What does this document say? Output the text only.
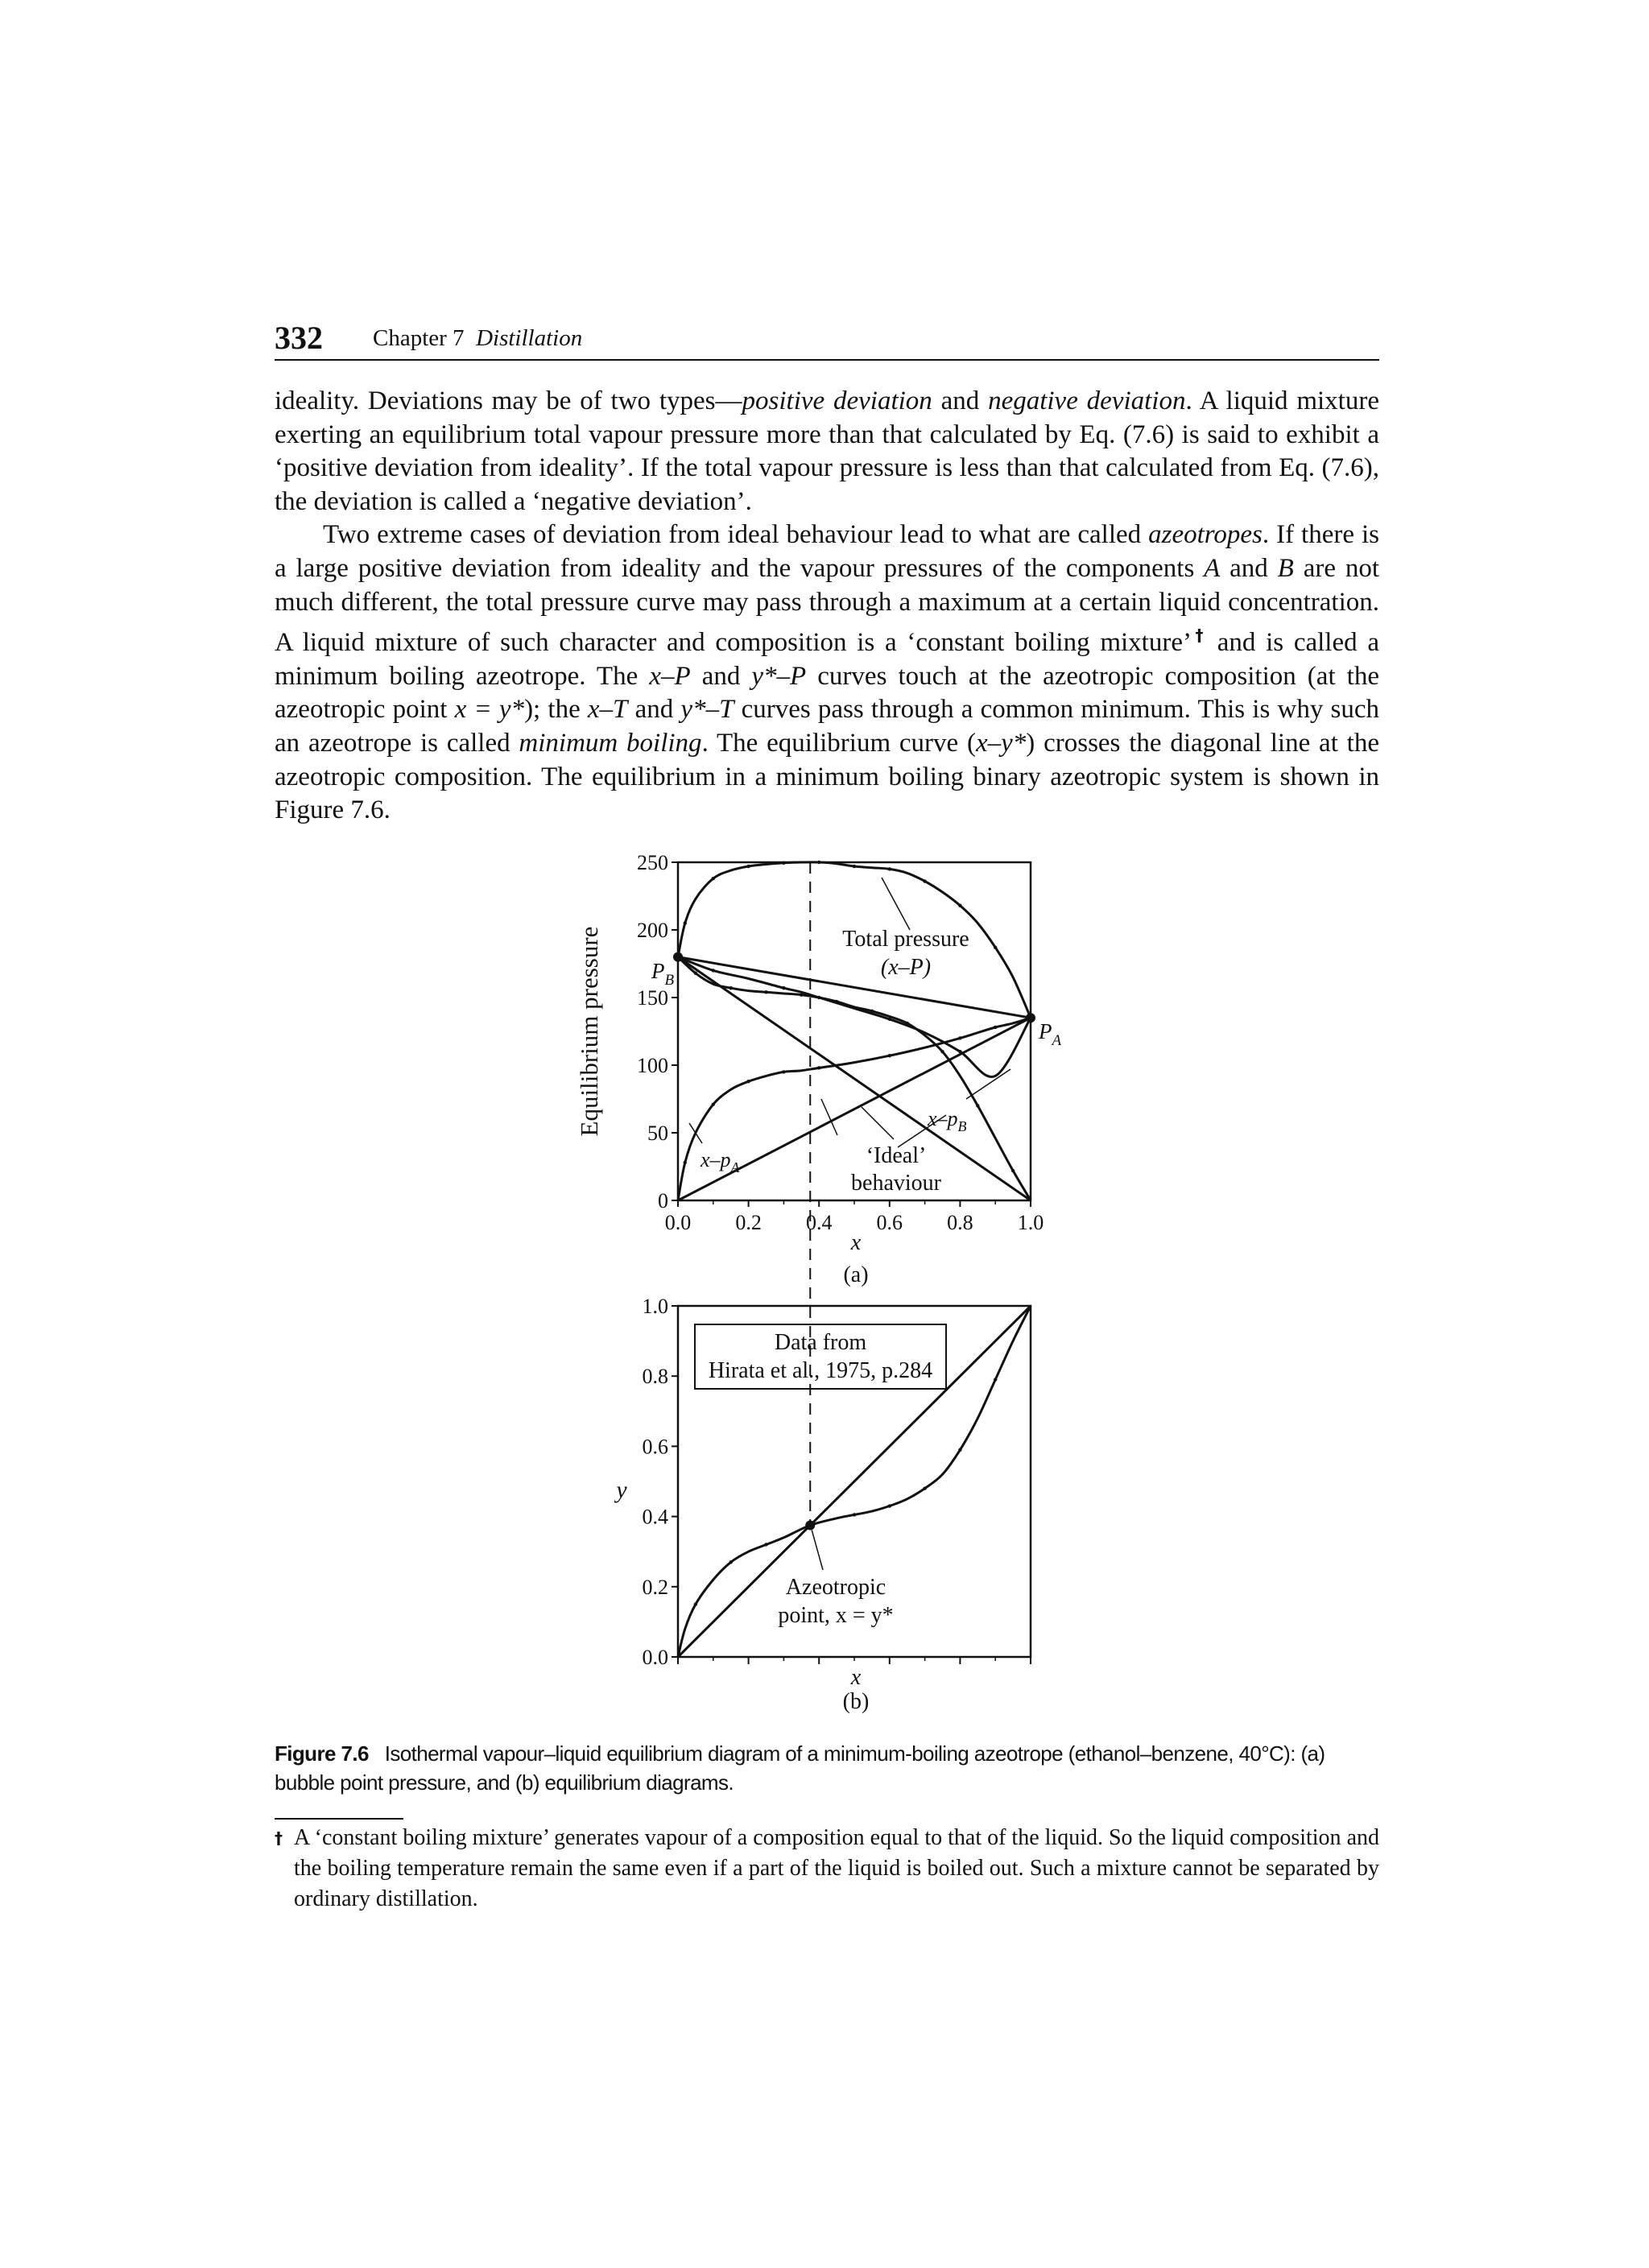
332 Chapter 7 Distillation

ideality. Deviations may be of two types—positive deviation and negative deviation. A liquid mixture exerting an equilibrium total vapour pressure more than that calculated by Eq. (7.6) is said to exhibit a ‘positive deviation from ideality’. If the total vapour pressure is less than that calculated from Eq. (7.6), the deviation is called a ‘negative deviation’.

Two extreme cases of deviation from ideal behaviour lead to what are called azeotropes. If there is a large positive deviation from ideality and the vapour pressures of the components A and B are not much different, the total pressure curve may pass through a maximum at a certain liquid concentration. A liquid mixture of such character and composition is a ‘constant boiling mixture’† and is called a minimum boiling azeotrope. The x–P and y*–P curves touch at the azeotropic composition (at the azeotropic point x = y*); the x–T and y*–T curves pass through a common minimum. This is why such an azeotrope is called minimum boiling. The equilibrium curve (x–y*) crosses the diagonal line at the azeotropic composition. The equilibrium in a minimum boiling binary azeotropic system is shown in Figure 7.6.

0
50
100
150
200
250
0.0 0.2 0.4 0.6 0.8 1.0
Equilibrium pressure
x
(a)
Total pressure
(x–P)
$P_B$
$P_A$
$x-p_A$
$x-p_B$
‘Ideal’
behaviour
0.0
0.2
0.4
0.6
0.8
1.0
y
x
Data from
Hirata et al., 1975, p.284
Azeotropic
point, x = y*
(b)
Figure 7.6 Isothermal vapour–liquid equilibrium diagram of a minimum-boiling azeotrope (ethanol–benzene, 40°C): (a) bubble point pressure, and (b) equilibrium diagrams.
† A ‘constant boiling mixture’ generates vapour of a composition equal to that of the liquid. So the liquid composition and the boiling temperature remain the same even if a part of the liquid is boiled out. Such a mixture cannot be separated by ordinary distillation.
